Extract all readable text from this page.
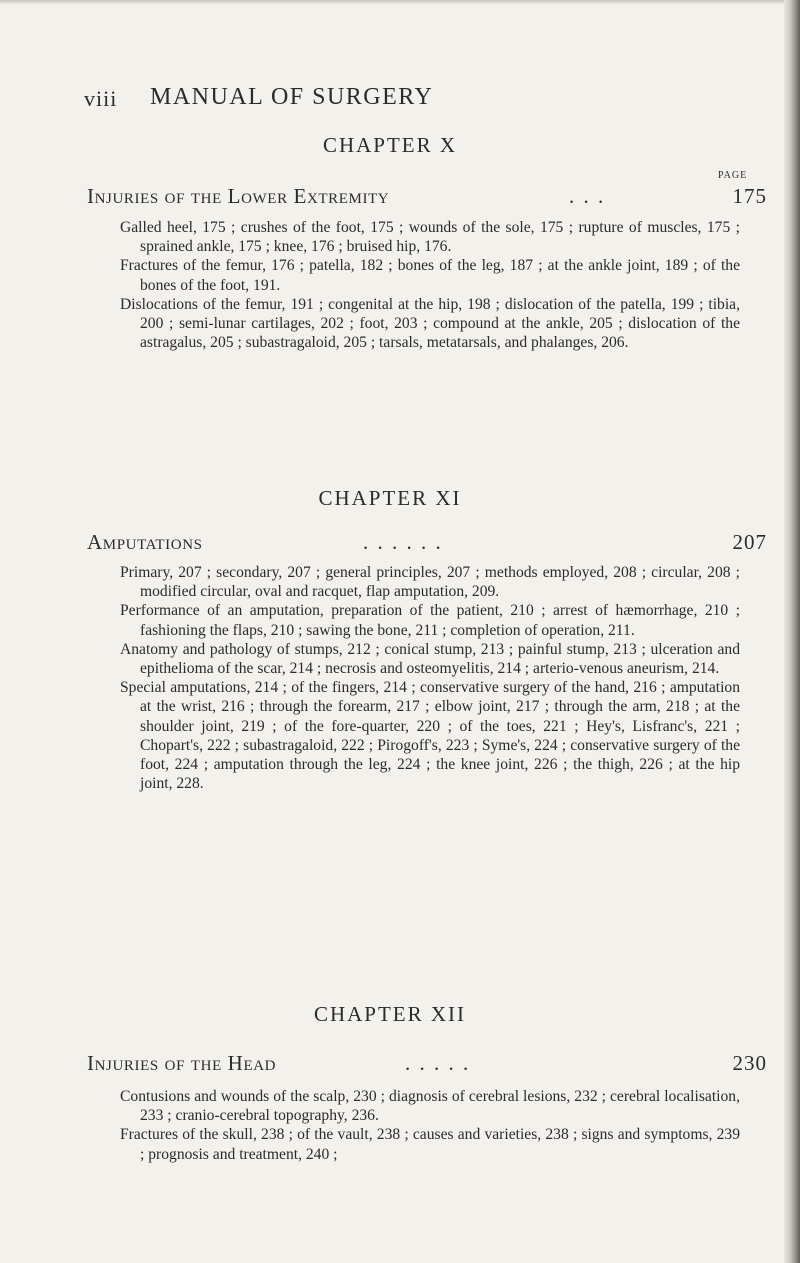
viii MANUAL OF SURGERY
PAGE
CHAPTER X
Injuries of the Lower Extremity	. . .	175

Galled heel, 175 ; crushes of the foot, 175 ; wounds of the sole, 175 ; rupture of muscles, 175 ; sprained ankle, 175 ; knee, 176 ; bruised hip, 176.

Fractures of the femur, 176 ; patella, 182 ; bones of the leg, 187 ; at the ankle joint, 189 ; of the bones of the foot, 191.

Dislocations of the femur, 191 ; congenital at the hip, 198 ; dislocation of the patella, 199 ; tibia, 200 ; semi-lunar cartilages, 202 ; foot, 203 ; compound at the ankle, 205 ; dislocation of the astragalus, 205 ; subastragaloid, 205 ; tarsals, metatarsals, and phalanges, 206.

CHAPTER XI
Amputations	. . . . . .	207

Primary, 207 ; secondary, 207 ; general principles, 207 ; methods employed, 208 ; circular, 208 ; modified circular, oval and racquet, flap amputation, 209.

Performance of an amputation, preparation of the patient, 210 ; arrest of hæmorrhage, 210 ; fashioning the flaps, 210 ; sawing the bone, 211 ; completion of operation, 211.

Anatomy and pathology of stumps, 212 ; conical stump, 213 ; painful stump, 213 ; ulceration and epithelioma of the scar, 214 ; necrosis and osteomyelitis, 214 ; arterio-venous aneurism, 214.

Special amputations, 214 ; of the fingers, 214 ; conservative surgery of the hand, 216 ; amputation at the wrist, 216 ; through the forearm, 217 ; elbow joint, 217 ; through the arm, 218 ; at the shoulder joint, 219 ; of the fore-quarter, 220 ; of the toes, 221 ; Hey's, Lisfranc's, 221 ; Chopart's, 222 ; subastragaloid, 222 ; Pirogoff's, 223 ; Syme's, 224 ; conservative surgery of the foot, 224 ; amputation through the leg, 224 ; the knee joint, 226 ; the thigh, 226 ; at the hip joint, 228.

CHAPTER XII
Injuries of the Head	. . . . .	230

Contusions and wounds of the scalp, 230 ; diagnosis of cerebral lesions, 232 ; cerebral localisation, 233 ; cranio-cerebral topography, 236.

Fractures of the skull, 238 ; of the vault, 238 ; causes and varieties, 238 ; signs and symptoms, 239 ; prognosis and treatment, 240 ;
